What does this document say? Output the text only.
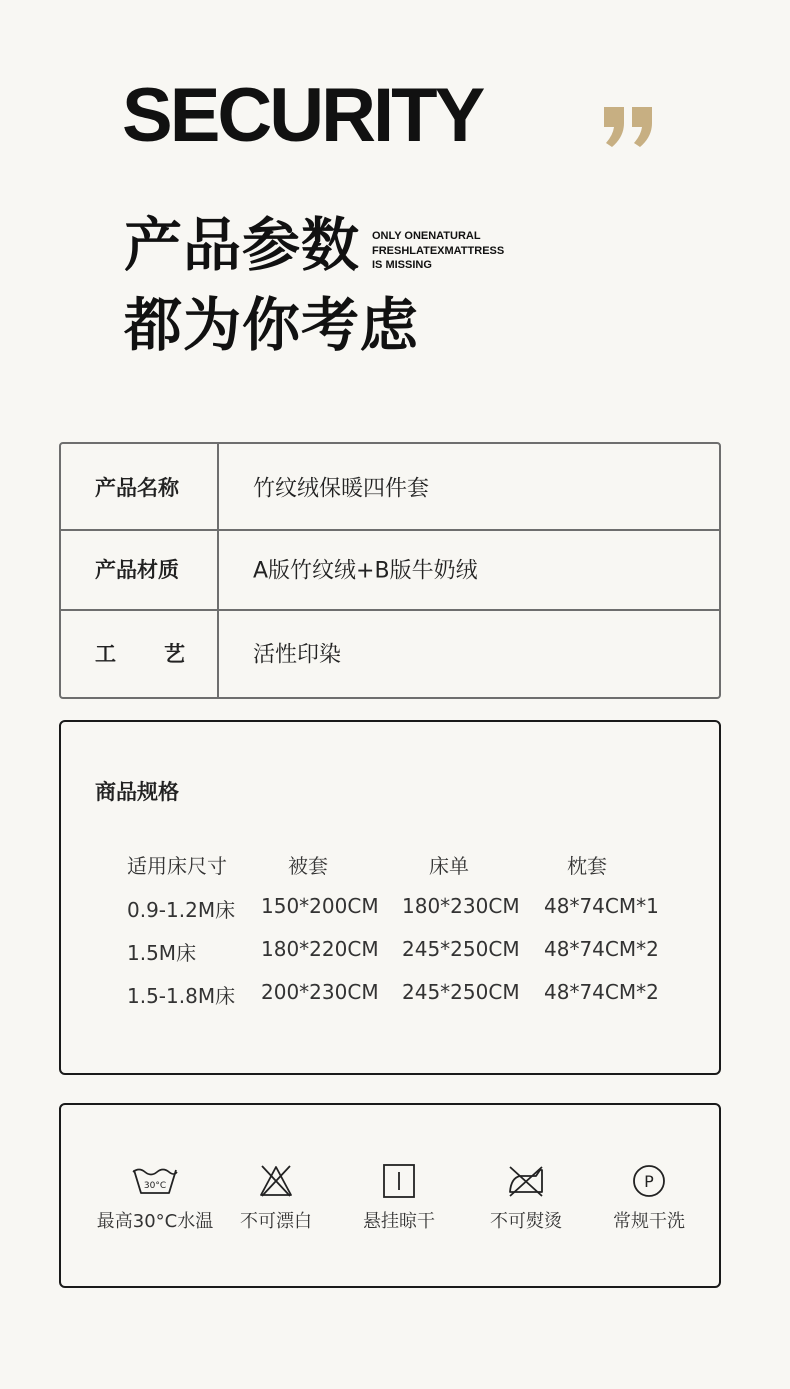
SECURITY
产品参数
都为你考虑
ONLY ONENATURAL
FRESHLATEXMATTRESS
IS MISSING
产品名称	竹纹绒保暖四件套
产品材质	A版竹纹绒+B版牛奶绒
工 艺	活性印染
商品规格
适用床尺寸	被套	床单	枕套
0.9-1.2M床 150*200CM 180*230CM 48*74CM*1
1.5M床	180*220CM 245*250CM 48*74CM*2
1.5-1.8M床 200*230CM 245*250CM 48*74CM*2
30°C
最高30°C水温	不可漂白	悬挂晾干	不可熨烫
P
常规干洗
